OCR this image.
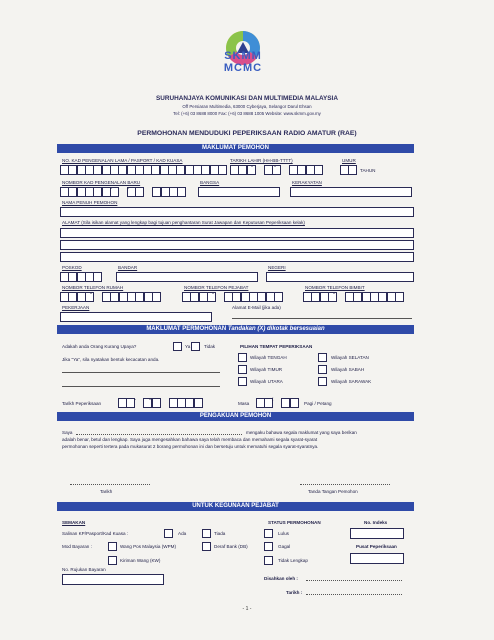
SKMM
MCMC
SURUHANJAYA KOMUNIKASI DAN MULTIMEDIA MALAYSIA
Off Persiaran Multimedia, 63000 Cyberjaya, Selangor Darul Ehsan
Tel: (+6) 03 8688 8000 Fax: (+6) 03 8688 1005 Website: www.skmm.gov.my
PERMOHONAN MENDUDUKI PEPERIKSAAN RADIO AMATUR (RAE)
MAKLUMAT PEMOHON
NO. KAD PENGENALAN LAMA / PASPORT / KAD KUASA	TARIKH LAHIR (HH-BB-TTTT)
-	-
UMUR
TAHUN
NOMBOR KAD PENGENALAN BARU
-	-
BANGSA	KERAKYATAN
NAMA PENUH PEMOHON
ALAMAT (Sila isikan alamat yang lengkap bagi tujuan penghantaran Surat Jawapan dan Keputusan Peperiksaan kelak)
POSKOD	BANDAR	NEGERI
NOMBOR TELEFON RUMAH
-
NOMBOR TELEFON PEJABAT
-
NOMBOR TELEFON BIMBIT
-
PEKERJAAN	Alamat E-Mail (jika ada)
MAKLUMAT PERMOHONAN Tandakan (X) dikotak bersesuaian
Adakah anda Orang Kurang Upaya?	Ya	Tidak
Jika "Ya", sila nyatakan bentuk kecacatan anda.
PILIHAN TEMPAT PEPERIKSAAN
Wilayah TENGAH	Wilayah SELATAN
Wilayah TIMUR	Wilayah SABAH
Wilayah UTARA	Wilayah SARAWAK
Tarikh Peperiksaan
- -
Masa
:
Pagi / Petang
PENGAKUAN PEMOHON
Saya	mengaku bahawa segala maklumat yang saya berikan
adalah benar, betul dan lengkap. Saya juga mengesahkan bahawa saya telah membaca dan memahami segala syarat-syarat
permohonan seperti tertera pada mukasurat 2 borang permohonan ini dan bersetuju untuk mematuhi segala syarat-syaratnya.
Tarikh	Tanda Tangan Pemohon
UNTUK KEGUNAAN PEJABAT
SEMAKAN
Salinan KP/Pasport/Kad Kuasa :	Ada	Tiada
Mod Bayaran :	Wang Pos Malaysia (WPM)	Deraf Bank (DB)
Kiriman Wang (KW)
No. Rujukan Bayaran
STATUS PERMOHONAN	No. Indeks
Lulus
Gagal	Pusat Peperiksaan
Tidak Lengkap
Disahkan oleh :
Tarikh :
- 1 -
